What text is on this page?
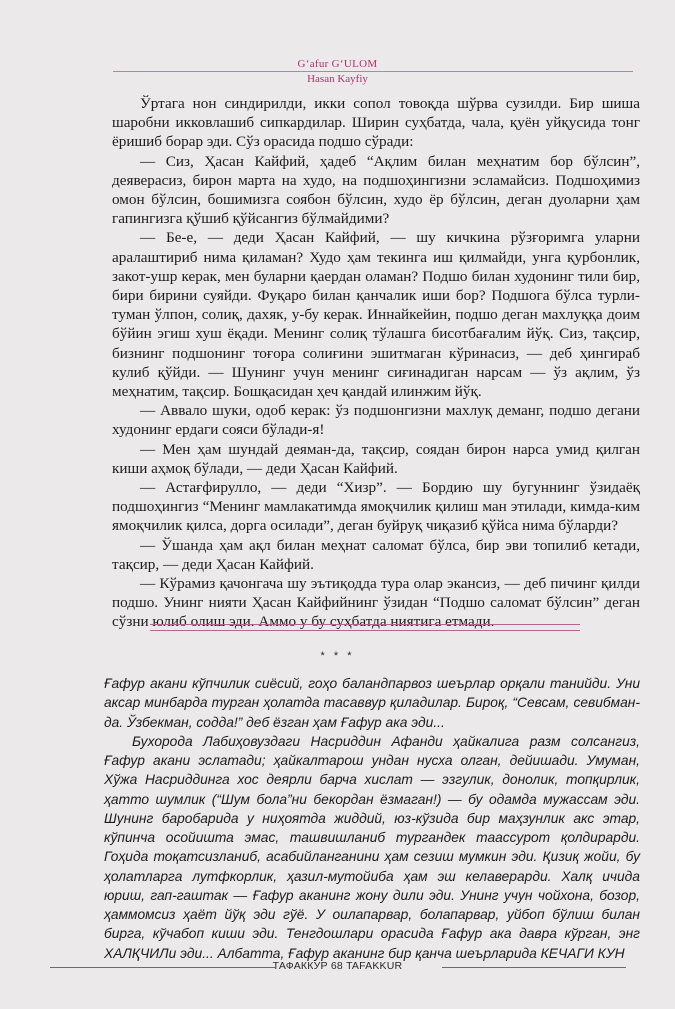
G‘afur G‘ULOM
Hasan Kayfiy

Ўртага нон синдирилди, икки сопол товоқда шўрва сузилди. Бир шиша шаробни икковлашиб сипкардилар. Ширин суҳбатда, чала, қуён уйқусида тонг ёришиб борар эди. Сўз орасида подшо сўради:

— Сиз, Ҳасан Кайфий, ҳадеб “Ақлим билан меҳнатим бор бўлсин”, деяверасиз, бирон марта на худо, на подшоҳингизни эсламайсиз. Подшоҳимиз омон бўлсин, бошимизга соябон бўлсин, худо ёр бўлсин, деган дуоларни ҳам гапингизга қўшиб қўйсангиз бўлмайдими?

— Бе-е, — деди Ҳасан Кайфий, — шу кичкина рўзғоримга уларни аралаштириб нима қиламан? Худо ҳам текинга иш қилмайди, унга қурбонлик, закот-ушр керак, мен буларни қаердан оламан? Подшо билан худонинг тили бир, бири бирини суяйди. Фуқаро билан қанчалик иши бор? Подшога бўлса турли-туман ўлпон, солиқ, дахяк, у-бу керак. Иннайкейин, подшо деган махлуққа доим бўйин эгиш хуш ёқади. Менинг солиқ тўлашга бисотбағалим йўқ. Сиз, тақсир, бизнинг подшонинг тоғора солиғини эшитмаган кўринасиз, — деб ҳингираб кулиб қўйди. — Шунинг учун менинг сиғинадиган нарсам — ўз ақлим, ўз меҳнатим, тақсир. Бошқасидан ҳеч қандай илинжим йўқ.

— Аввало шуки, одоб керак: ўз подшонгизни махлуқ деманг, подшо дегани худонинг ердаги сояси бўлади-я!

— Мен ҳам шундай деяман-да, тақсир, соядан бирон нарса умид қилган киши аҳмоқ бўлади, — деди Ҳасан Кайфий.

— Астағфируллo, — деди “Хизр”. — Бордию шу бугуннинг ўзидаёқ подшоҳингиз “Менинг мамлакатимда ямоқчилик қилиш ман этилади, кимда-ким ямоқчилик қилса, дорга осилади”, деган буйруқ чиқазиб қўйса нима бўларди?

— Ўшанда ҳам ақл билан меҳнат саломат бўлса, бир эви топилиб кетади, тақсир, — деди Ҳасан Кайфий.

— Кўрамиз қачонгача шу эътиқодда тура олар экансиз, — деб пичинг қилди подшо. Унинг нияти Ҳасан Кайфийнинг ўзидан “Подшо саломат бўлсин” деган сўзни юлиб олиш эди. Аммо у бу суҳбатда ниятига етмади.

* * *

Ғафур акани кўпчилик сиёсий, гоҳо баландпарвоз шеърлар орқали танийди. Уни аксар минбарда турган ҳолатда тасаввур қиладилар. Бироқ, “Севсам, севибман-да. Ўзбекман, содда!” деб ёзган ҳам Ғафур ака эди...

Бухорода Лабиҳовуздаги Насриддин Афанди ҳайкалига разм солсангиз, Ғафур акани эслатади; ҳайкалтарош ундан нусха олган, дейишади. Умуман, Хўжа Насриддинга хос деярли барча хислат — эзгулик, донолик, топқирлик, ҳатто шумлик (“Шум бола”ни бекордан ёзмаган!) — бу одамда мужассам эди. Шунинг баробарида у ниҳоятда жиддий, юз-кўзида бир маҳзунлик акс этар, кўпинча осойишта эмас, ташвишланиб тургандек таассурот қолдирарди. Гоҳида тоқатсизланиб, асабийланганини ҳам сезиш мумкин эди. Қизиқ жойи, бу ҳолатларга лутфкорлик, ҳазил-мутойиба ҳам эш келаверарди. Халқ ичида юриш, гап-гаштак — Ғафур аканинг жону дили эди. Унинг учун чойхона, бозор, ҳаммомсиз ҳаёт йўқ эди гўё. У оилапарвар, болапарвар, уйбоп бўлиш билан бирга, кўчабоп киши эди. Тенгдошлари орасида Ғафур ака давра кўрган, энг ХАЛҚЧИЛи эди... Албатта, Ғафур аканинг бир қанча шеърларида КЕЧАГИ КУН

ТАФАККУР 68 TAFAKKUR
